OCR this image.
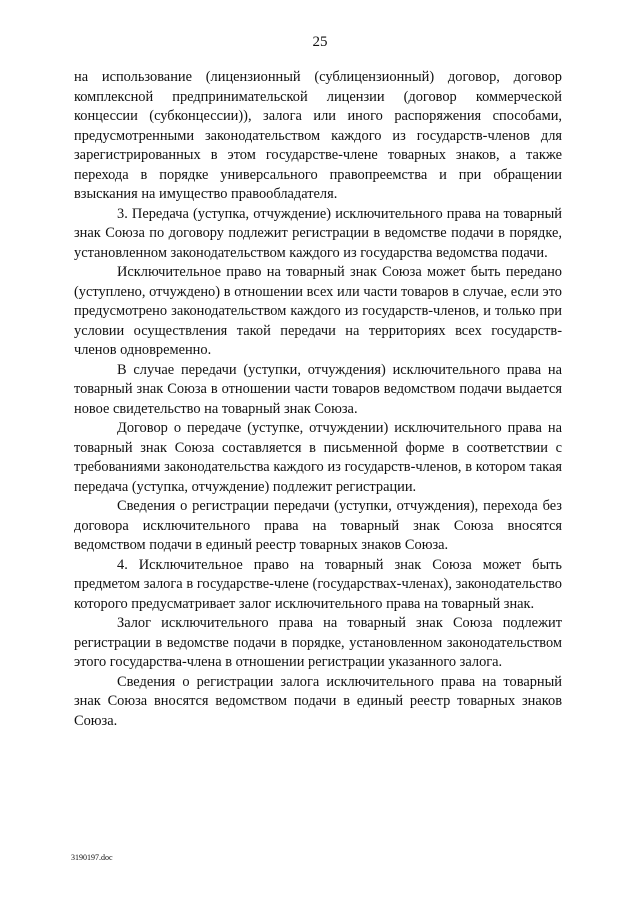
25

на использование (лицензионный (сублицензионный) договор, договор комплексной предпринимательской лицензии (договор коммерческой концессии (субконцессии)), залога или иного распоряжения способами, предусмотренными законодательством каждого из государств-членов для зарегистрированных в этом государстве-члене товарных знаков, а также перехода в порядке универсального правопреемства и при обращении взыскания на имущество правообладателя.

3. Передача (уступка, отчуждение) исключительного права на товарный знак Союза по договору подлежит регистрации в ведомстве подачи в порядке, установленном законодательством каждого из государства ведомства подачи.

Исключительное право на товарный знак Союза может быть передано (уступлено, отчуждено) в отношении всех или части товаров в случае, если это предусмотрено законодательством каждого из государств-членов, и только при условии осуществления такой передачи на территориях всех государств-членов одновременно.

В случае передачи (уступки, отчуждения) исключительного права на товарный знак Союза в отношении части товаров ведомством подачи выдается новое свидетельство на товарный знак Союза.

Договор о передаче (уступке, отчуждении) исключительного права на товарный знак Союза составляется в письменной форме в соответствии с требованиями законодательства каждого из государств-членов, в котором такая передача (уступка, отчуждение) подлежит регистрации.

Сведения о регистрации передачи (уступки, отчуждения), перехода без договора исключительного права на товарный знак Союза вносятся ведомством подачи в единый реестр товарных знаков Союза.

4. Исключительное право на товарный знак Союза может быть предметом залога в государстве-члене (государствах-членах), законодательство которого предусматривает залог исключительного права на товарный знак.

Залог исключительного права на товарный знак Союза подлежит регистрации в ведомстве подачи в порядке, установленном законодательством этого государства-члена в отношении регистрации указанного залога.

Сведения о регистрации залога исключительного права на товарный знак Союза вносятся ведомством подачи в единый реестр товарных знаков Союза.

3190197.doc
